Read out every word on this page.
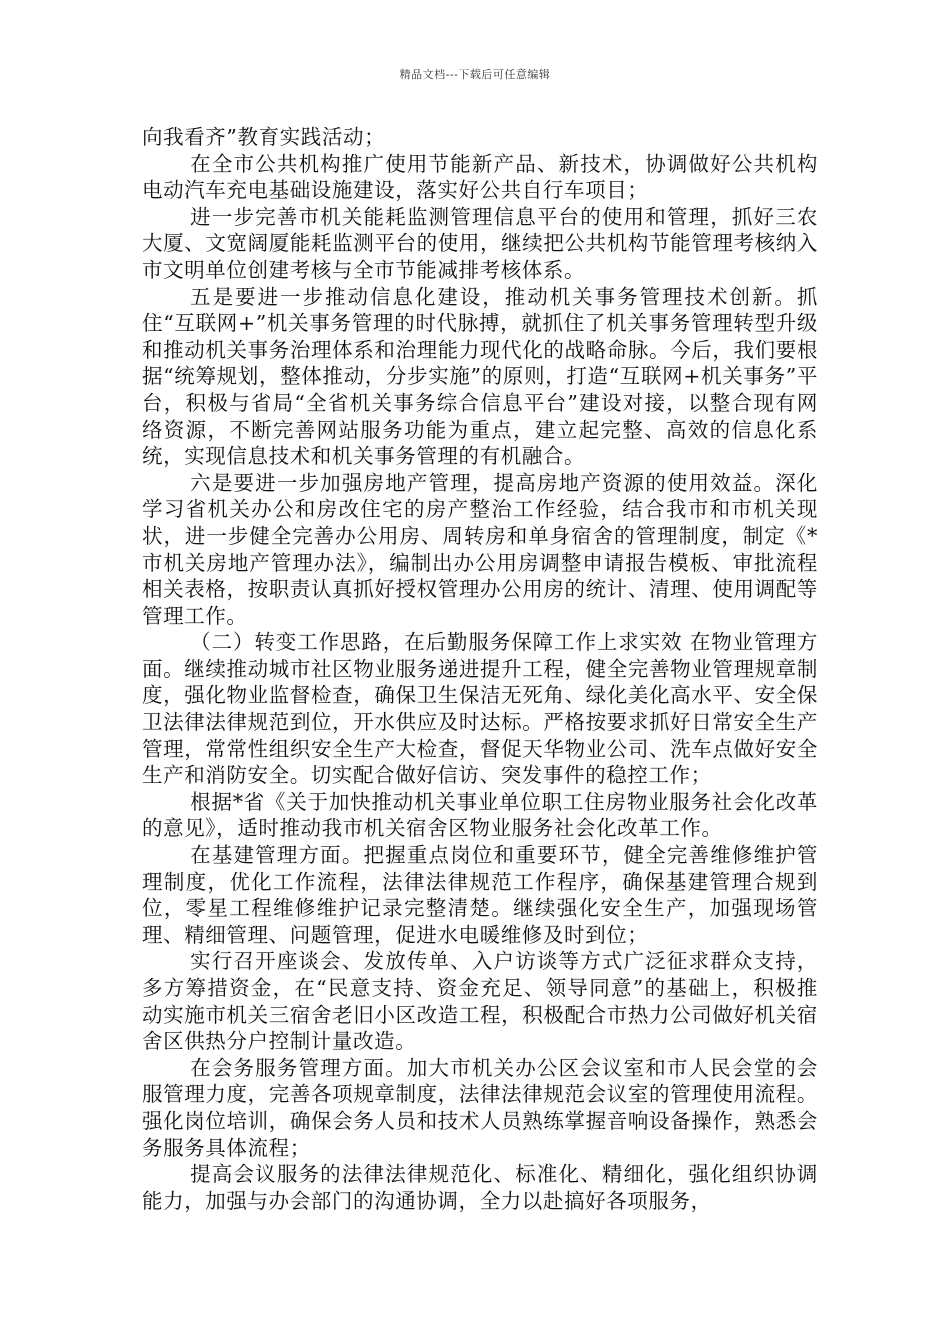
精品文档---下载后可任意编辑

向我看齐”教育实践活动；

在全市公共机构推广使用节能新产品、新技术，协调做好公共机构电动汽车充电基础设施建设，落实好公共自行车项目；

进一步完善市机关能耗监测管理信息平台的使用和管理，抓好三农大厦、文宽阔厦能耗监测平台的使用，继续把公共机构节能管理考核纳入市文明单位创建考核与全市节能减排考核体系。

五是要进一步推动信息化建设，推动机关事务管理技术创新。抓住“互联网+”机关事务管理的时代脉搏，就抓住了机关事务管理转型升级和推动机关事务治理体系和治理能力现代化的战略命脉。今后，我们要根据“统筹规划，整体推动，分步实施”的原则，打造“互联网+机关事务”平台，积极与省局“全省机关事务综合信息平台”建设对接，以整合现有网络资源，不断完善网站服务功能为重点，建立起完整、高效的信息化系统，实现信息技术和机关事务管理的有机融合。

六是要进一步加强房地产管理，提高房地产资源的使用效益。深化学习省机关办公和房改住宅的房产整治工作经验，结合我市和市机关现状，进一步健全完善办公用房、周转房和单身宿舍的管理制度，制定《*市机关房地产管理办法》，编制出办公用房调整申请报告模板、审批流程相关表格，按职责认真抓好授权管理办公用房的统计、清理、使用调配等管理工作。

（二）转变工作思路，在后勤服务保障工作上求实效 在物业管理方面。继续推动城市社区物业服务递进提升工程，健全完善物业管理规章制度，强化物业监督检查，确保卫生保洁无死角、绿化美化高水平、安全保卫法律法律规范到位，开水供应及时达标。严格按要求抓好日常安全生产管理，常常性组织安全生产大检查，督促天华物业公司、洗车点做好安全生产和消防安全。切实配合做好信访、突发事件的稳控工作；

根据*省《关于加快推动机关事业单位职工住房物业服务社会化改革的意见》，适时推动我市机关宿舍区物业服务社会化改革工作。

在基建管理方面。把握重点岗位和重要环节，健全完善维修维护管理制度，优化工作流程，法律法律规范工作程序，确保基建管理合规到位，零星工程维修维护记录完整清楚。继续强化安全生产，加强现场管理、精细管理、问题管理，促进水电暖维修及时到位；

实行召开座谈会、发放传单、入户访谈等方式广泛征求群众支持，多方筹措资金，在“民意支持、资金充足、领导同意”的基础上，积极推动实施市机关三宿舍老旧小区改造工程，积极配合市热力公司做好机关宿舍区供热分户控制计量改造。

在会务服务管理方面。加大市机关办公区会议室和市人民会堂的会服管理力度，完善各项规章制度，法律法律规范会议室的管理使用流程。强化岗位培训，确保会务人员和技术人员熟练掌握音响设备操作，熟悉会务服务具体流程；

提高会议服务的法律法律规范化、标准化、精细化，强化组织协调能力，加强与办会部门的沟通协调，全力以赴搞好各项服务，
